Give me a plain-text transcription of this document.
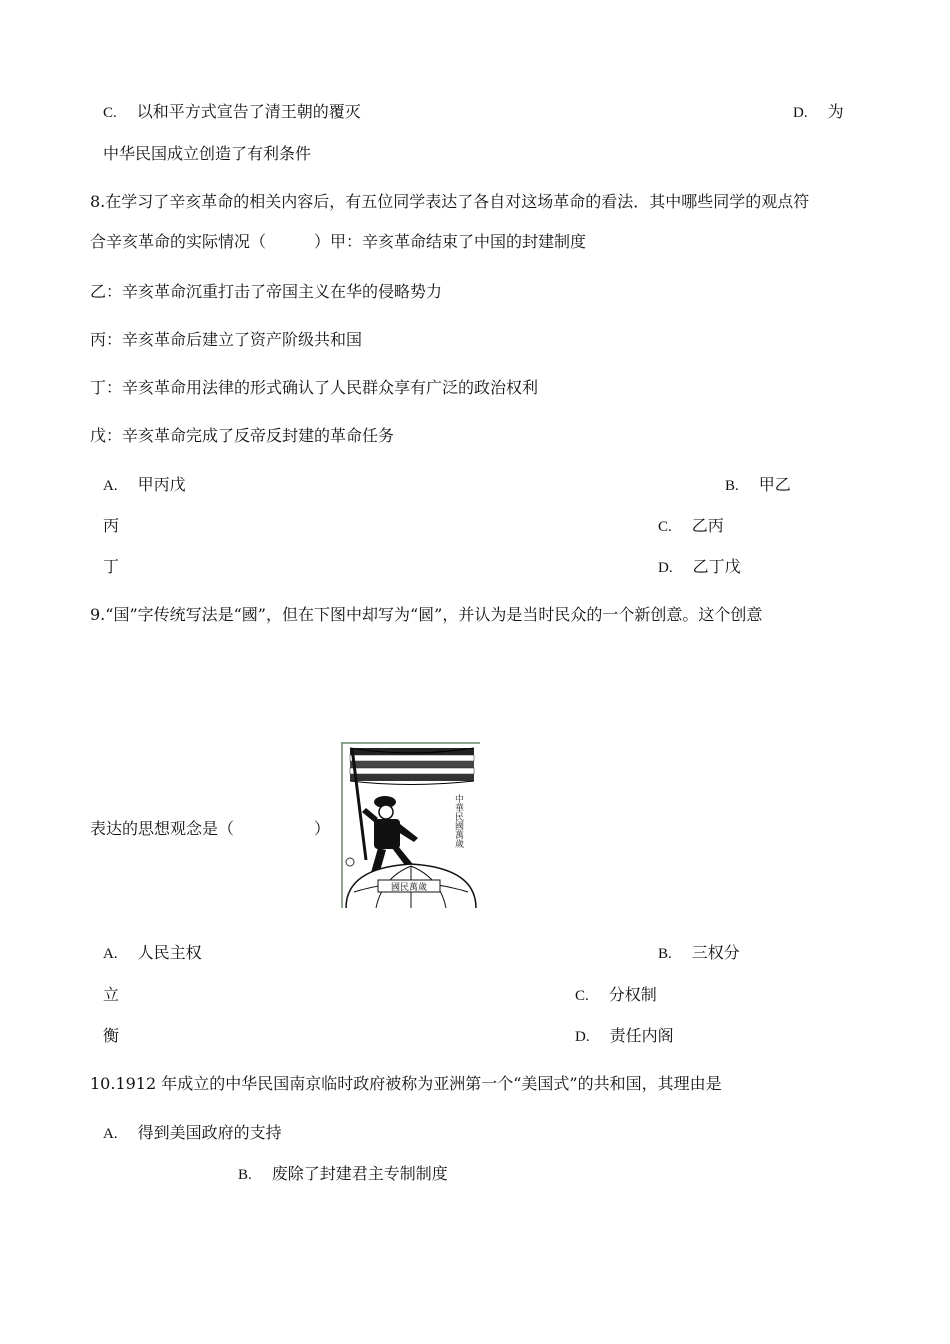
C. 以和平方式宣告了清王朝的覆灭	D. 为
中华民国成立创造了有利条件
8.在学习了辛亥革命的相关内容后，有五位同学表达了各自对这场革命的看法．其中哪些同学的观点符
合辛亥革命的实际情况（　　　）甲：辛亥革命结束了中国的封建制度
乙：辛亥革命沉重打击了帝国主义在华的侵略势力
丙：辛亥革命后建立了资产阶级共和国
丁：辛亥革命用法律的形式确认了人民群众享有广泛的政治权利
戊：辛亥革命完成了反帝反封建的革命任务
A. 甲丙戊	B. 甲乙
丙	C. 乙丙
丁	D. 乙丁戊
9.“国”字传统写法是“國”，但在下图中却写为“囻”，并认为是当时民众的一个新创意。这个创意
表达的思想观念是（　　　　　）	中華民國萬歲
國民萬歲
A. 人民主权	B. 三权分
立	C. 分权制
衡	D. 责任内阁
10.1912 年成立的中华民国南京临时政府被称为亚洲第一个“美国式”的共和国，其理由是
A. 得到美国政府的支持
B. 废除了封建君主专制制度
